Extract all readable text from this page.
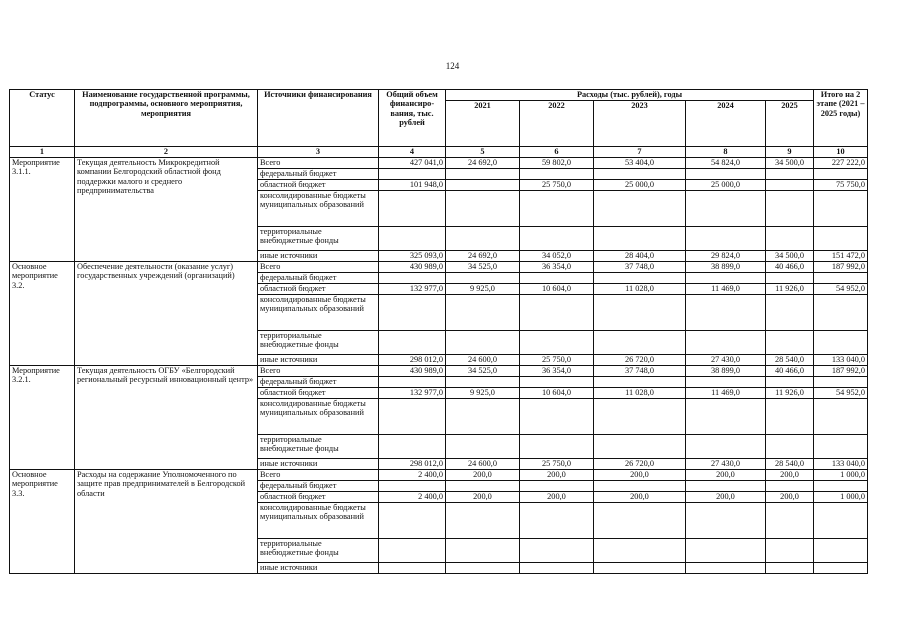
124
Статус	Наименование государственной программы, подпрограммы, основного мероприятия, мероприятия	Источники финансирования	Общий объем финансиро-вания, тыс. рублей	Расходы (тыс. рублей), годы					Итого на 2 этапе (2021 – 2025 годы)
				2021	2022	2023	2024	2025	
1	2	3	4	5	6	7	8	9	10
Мероприятие 3.1.1.	Текущая деятельность Микрокредитной компании Белгородский областной фонд поддержки малого и среднего предпринимательства	Всего	427 041,0	24 692,0	59 802,0	53 404,0	54 824,0	34 500,0	227 222,0
		федеральный бюджет							
		областной бюджет	101 948,0		25 750,0	25 000,0	25 000,0		75 750,0
		консолидированные бюджеты муниципальных образований							
		территориальные внебюджетные фонды							
		иные источники	325 093,0	24 692,0	34 052,0	28 404,0	29 824,0	34 500,0	151 472,0
Основное мероприятие 3.2.	Обеспечение деятельности (оказание услуг) государственных учреждений (организаций)	Всего	430 989,0	34 525,0	36 354,0	37 748,0	38 899,0	40 466,0	187 992,0
		федеральный бюджет							
		областной бюджет	132 977,0	9 925,0	10 604,0	11 028,0	11 469,0	11 926,0	54 952,0
		консолидированные бюджеты муниципальных образований							
		территориальные внебюджетные фонды							
		иные источники	298 012,0	24 600,0	25 750,0	26 720,0	27 430,0	28 540,0	133 040,0
Мероприятие 3.2.1.	Текущая деятельность ОГБУ «Белгородский региональный ресурсный инновационный центр»	Всего	430 989,0	34 525,0	36 354,0	37 748,0	38 899,0	40 466,0	187 992,0
		федеральный бюджет							
		областной бюджет	132 977,0	9 925,0	10 604,0	11 028,0	11 469,0	11 926,0	54 952,0
		консолидированные бюджеты муниципальных образований							
		территориальные внебюджетные фонды							
		иные источники	298 012,0	24 600,0	25 750,0	26 720,0	27 430,0	28 540,0	133 040,0
Основное мероприятие 3.3.	Расходы на содержание Уполномоченного по защите прав предпринимателей в Белгородской области	Всего	2 400,0	200,0	200,0	200,0	200,0	200,0	1 000,0
		федеральный бюджет							
		областной бюджет	2 400,0	200,0	200,0	200,0	200,0	200,0	1 000,0
		консолидированные бюджеты муниципальных образований							
		территориальные внебюджетные фонды							
		иные источники							
